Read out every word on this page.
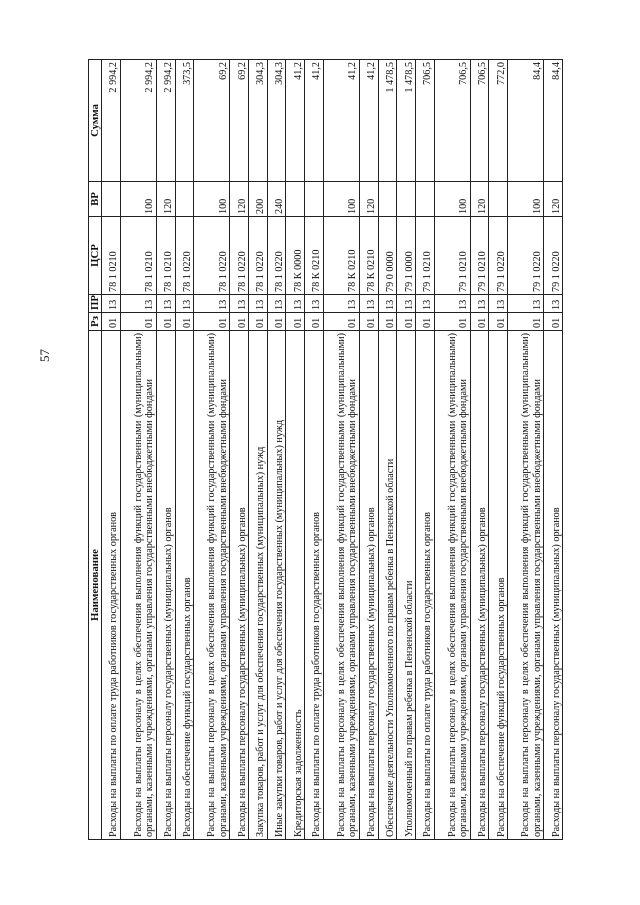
57
Наименование	Рз	ПР	ЦСР	ВР	Сумма
Расходы на выплаты по оплате труда работников государственных органов	01	13	78 1 0210		2 994,2
Расходы на выплаты персоналу в целях обеспечения выполнения функций государственными (муниципальными) органами, казенными учреждениями, органами управления государственными внебюджетными фондами	01	13	78 1 0210	100	2 994,2
Расходы на выплаты персоналу государственных (муниципальных) органов	01	13	78 1 0210	120	2 994,2
Расходы на обеспечение функций государственных органов	01	13	78 1 0220		373,5
Расходы на выплаты персоналу в целях обеспечения выполнения функций государственными (муниципальными) органами, казенными учреждениями, органами управления государственными внебюджетными фондами	01	13	78 1 0220	100	69,2
Расходы на выплаты персоналу государственных (муниципальных) органов	01	13	78 1 0220	120	69,2
Закупка товаров, работ и услуг для обеспечения государственных (муниципальных) нужд	01	13	78 1 0220	200	304,3
Иные закупки товаров, работ и услуг для обеспечения государственных (муниципальных) нужд	01	13	78 1 0220	240	304,3
Кредиторская задолженность	01	13	78 К 0000		41,2
Расходы на выплаты по оплате труда работников государственных органов	01	13	78 К 0210		41,2
Расходы на выплаты персоналу в целях обеспечения выполнения функций государственными (муниципальными) органами, казенными учреждениями, органами управления государственными внебюджетными фондами	01	13	78 К 0210	100	41,2
Расходы на выплаты персоналу государственных (муниципальных) органов	01	13	78 К 0210	120	41,2
Обеспечение деятельности Уполномоченного по правам ребенка в Пензенской области	01	13	79 0 0000		1 478,5
Уполномоченный по правам ребенка в Пензенской области	01	13	79 1 0000		1 478,5
Расходы на выплаты по оплате труда работников государственных органов	01	13	79 1 0210		706,5
Расходы на выплаты персоналу в целях обеспечения выполнения функций государственными (муниципальными) органами, казенными учреждениями, органами управления государственными внебюджетными фондами	01	13	79 1 0210	100	706,5
Расходы на выплаты персоналу государственных (муниципальных) органов	01	13	79 1 0210	120	706,5
Расходы на обеспечение функций государственных органов	01	13	79 1 0220		772,0
Расходы на выплаты персоналу в целях обеспечения выполнения функций государственными (муниципальными) органами, казенными учреждениями, органами управления государственными внебюджетными фондами	01	13	79 1 0220	100	84,4
Расходы на выплаты персоналу государственных (муниципальных) органов	01	13	79 1 0220	120	84,4
